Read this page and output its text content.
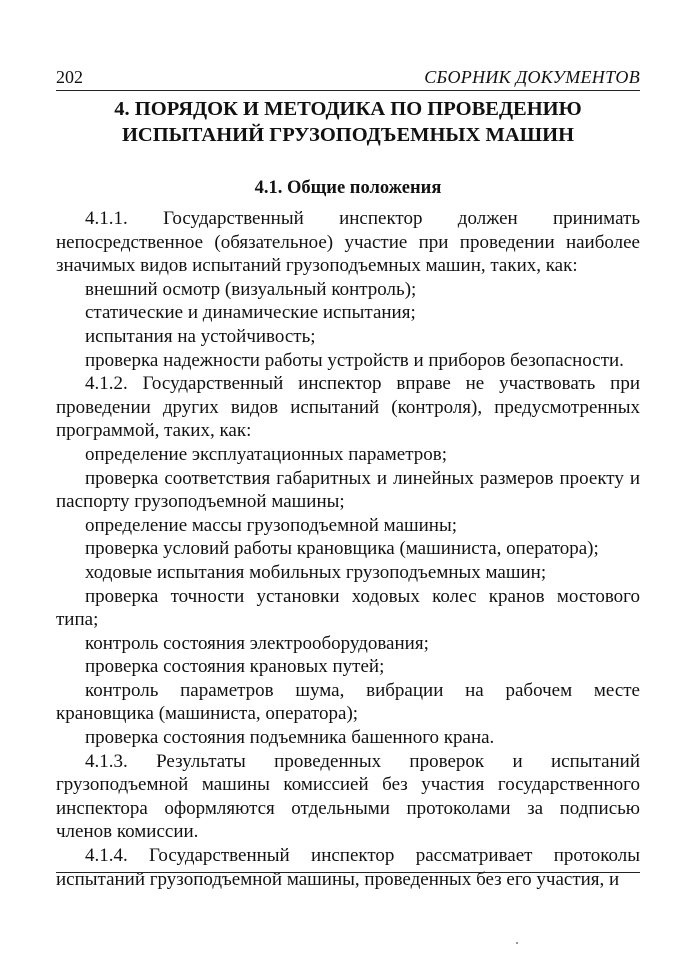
202	СБОРНИК ДОКУМЕНТОВ
4. ПОРЯДОК И МЕТОДИКА ПО ПРОВЕДЕНИЮ ИСПЫТАНИЙ ГРУЗОПОДЪЕМНЫХ МАШИН
4.1. Общие положения

4.1.1. Государственный инспектор должен принимать непосредственное (обязательное) участие при проведении наиболее значимых видов испытаний грузоподъемных машин, таких, как:

внешний осмотр (визуальный контроль);

статические и динамические испытания;

испытания на устойчивость;

проверка надежности работы устройств и приборов безопасности.

4.1.2. Государственный инспектор вправе не участвовать при проведении других видов испытаний (контроля), предусмотренных программой, таких, как:

определение эксплуатационных параметров;

проверка соответствия габаритных и линейных размеров проекту и паспорту грузоподъемной машины;

определение массы грузоподъемной машины;

проверка условий работы крановщика (машиниста, оператора);

ходовые испытания мобильных грузоподъемных машин;

проверка точности установки ходовых колес кранов мостового типа;

контроль состояния электрооборудования;

проверка состояния крановых путей;

контроль параметров шума, вибрации на рабочем месте крановщика (машиниста, оператора);

проверка состояния подъемника башенного крана.

4.1.3. Результаты проведенных проверок и испытаний грузоподъемной машины комиссией без участия государственного инспектора оформляются отдельными протоколами за подписью членов комиссии.

4.1.4. Государственный инспектор рассматривает протоколы испытаний грузоподъемной машины, проведенных без его участия, и
